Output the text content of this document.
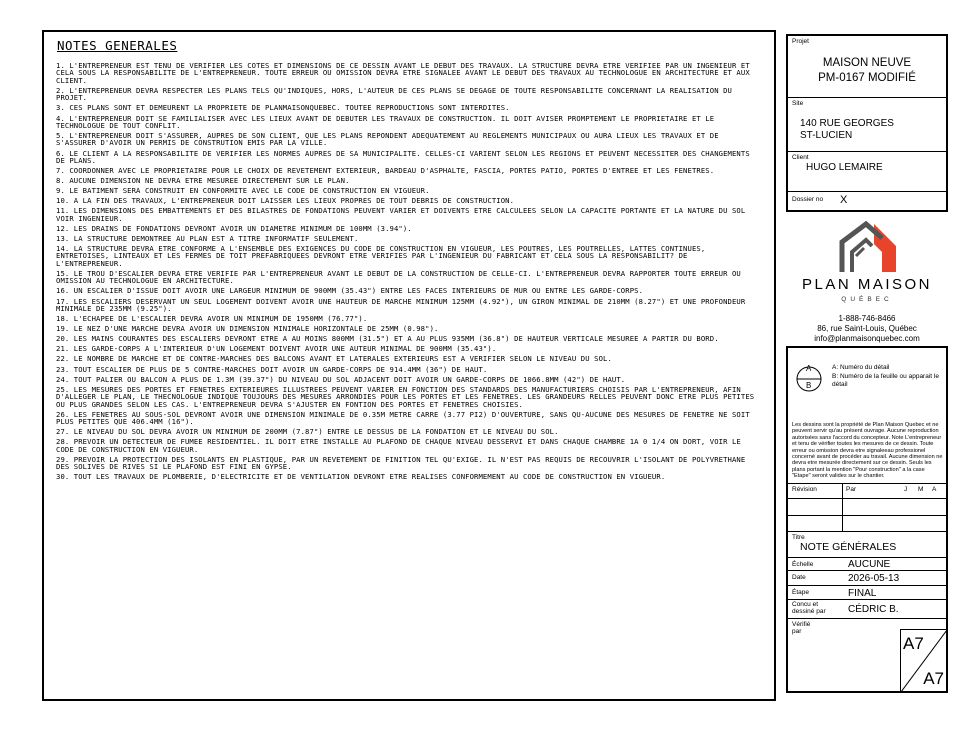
NOTES GENERALES
1. L'ENTREPRENEUR EST TENU DE VERIFIER LES COTES ET DIMENSIONS DE CE DESSIN AVANT LE DEBUT DES TRAVAUX. LA STRUCTURE DEVRA ETRE VERIFIEE PAR UN INGENIEUR ET CELA SOUS LA RESPONSABILITE DE L'ENTREPRENEUR. TOUTE ERREUR OU OMISSION DEVRA ETRE SIGNALEE AVANT LE DEBUT DES TRAVAUX AU TECHNOLOGUE EN ARCHITECTURE ET AUX CLIENT.
2. L'ENTREPRENEUR DEVRA RESPECTER LES PLANS TELS QU'INDIQUES, HORS, L'AUTEUR DE CES PLANS SE DEGAGE DE TOUTE RESPONSABILITE CONCERNANT LA REALISATION DU PROJET.
3. CES PLANS SONT ET DEMEURENT LA PROPRIETE DE PLANMAISONQUEBEC. TOUTEE REPRODUCTIONS SONT INTERDITES.
4. L'ENTREPRENEUR DOIT SE FAMILIALISER AVEC LES LIEUX AVANT DE DEBUTER LES TRAVAUX DE CONSTRUCTION. IL DOIT AVISER PROMPTEMENT LE PROPRIETAIRE ET LE TECHNOLOGUE DE TOUT CONFLIT.
5. L'ENTREPRENEUR DOIT S'ASSURER, AUPRES DE SON CLIENT, QUE LES PLANS REPONDENT ADEQUATEMENT AU REGLEMENTS MUNICIPAUX OU AURA LIEUX LES TRAVAUX ET DE S'ASSURER D'AVOIR UN PERMIS DE CONSTRUTION EMIS PAR LA VILLE.
6. LE CLIENT A LA RESPONSABILITE DE VERIFIER LES NORMES AUPRES DE SA MUNICIPALITE. CELLES-CI VARIENT SELON LES REGIONS ET PEUVENT NECESSITER DES CHANGEMENTS DE PLANS.
7. COORDONNER AVEC LE PROPRIETAIRE POUR LE CHOIX DE REVETEMENT EXTERIEUR, BARDEAU D'ASPHALTE, FASCIA, PORTES PATIO, PORTES D'ENTREE ET LES FENETRES.
8. AUCUNE DIMENSION NE DEVRA ETRE MESUREE DIRECTEMENT SUR LE PLAN.
9. LE BATIMENT SERA CONSTRUIT EN CONFORMITE AVEC LE CODE DE CONSTRUCTION EN VIGUEUR.
10. A LA FIN DES TRAVAUX, L'ENTREPRENEUR DOIT LAISSER LES LIEUX PROPRES DE TOUT DEBRIS DE CONSTRUCTION.
11. LES DIMENSIONS DES EMBATTEMENTS ET DES BILASTRES DE FONDATIONS PEUVENT VARIER ET DOIVENTS ETRE CALCULEES SELON LA CAPACITE PORTANTE ET LA NATURE DU SOL VOIR INGENIEUR.
12. LES DRAINS DE FONDATIONS DEVRONT AVOIR UN DIAMETRE MINIMUM DE 100MM (3.94").
13. LA STRUCTURE DEMONTREE AU PLAN EST A TITRE INFORMATIF SEULEMENT.
14. LA STRUCTURE DEVRA ETRE CONFORME A L'ENSEMBLE DES EXIGENCES DU CODE DE CONSTRUCTION EN VIGUEUR, LES POUTRES, LES POUTRELLES, LATTES CONTINUES, ENTRETOISES, LINTEAUX ET LES FERMES DE TOIT PREFABRIQUEES DEVRONT ETRE VERIFIES PAR L'INGENIEUR DU FABRICANT ET CELA SOUS LA RESPONSABILIT? DE L'ENTREPRENEUR.
15. LE TROU D'ESCALIER DEVRA ETRE VERIFIE PAR L'ENTREPRENEUR AVANT LE DEBUT DE LA CONSTRUCTION DE CELLE-CI. L'ENTREPRENEUR DEVRA RAPPORTER TOUTE ERREUR OU OMISSION AU TECHNOLOGUE EN ARCHITECTURE.
16. UN ESCALIER D'ISSUE DOIT AVOIR UNE LARGEUR MINIMUM DE 900MM (35.43") ENTRE LES FACES INTERIEURS DE MUR OU ENTRE LES GARDE-CORPS.
17. LES ESCALIERS DESERVANT UN SEUL LOGEMENT DOIVENT AVOIR UNE HAUTEUR DE MARCHE MINIMUM 125MM (4.92"), UN GIRON MINIMAL DE 210MM (8.27") ET UNE PROFONDEUR MINIMALE DE 235MM (9.25").
18. L'ECHAPEE DE L'ESCALIER DEVRA AVOIR UN MINIMUM DE 1950MM (76.77").
19. LE NEZ D'UNE MARCHE DEVRA AVOIR UN DIMENSION MINIMALE HORIZONTALE DE 25MM (0.98").
20. LES MAINS COURANTES DES ESCALIERS DEVRONT ETRE A AU MOINS 800MM (31.5") ET A AU PLUS 935MM (36.8") DE HAUTEUR VERTICALE MESUREE A PARTIR DU BORD.
21. LES GARDE-CORPS A L'INTERIEUR D'UN LOGEMENT DOIVENT AVOIR UNE AUTEUR MINIMAL DE 900MM (35.43").
22. LE NOMBRE DE MARCHE ET DE CONTRE-MARCHES DES BALCONS AVANT ET LATERALES EXTERIEURS EST A VERIFIER SELON LE NIVEAU DU SOL.
23. TOUT ESCALIER DE PLUS DE 5 CONTRE-MARCHES DOIT AVOIR UN GARDE-CORPS DE 914.4MM (36") DE HAUT.
24. TOUT PALIER OU BALCON A PLUS DE 1.3M (39.37") DU NIVEAU DU SOL ADJACENT DOIT AVOIR UN GARDE-CORPS DE 1066.8MM (42") DE HAUT.
25. LES MESURES DES PORTES ET FENETRES EXTERIEURES ILLUSTREES PEUVENT VARIER EN FONCTION DES STANDARDS DES MANUFACTURIERS CHOISIS PAR L'ENTREPRENEUR, AFIN D'ALLEGER LE PLAN, LE THECNOLOGUE INDIQUE TOUJOURS DES MESURES ARRONDIES POUR LES PORTES ET LES FENETRES. LES GRANDEURS RELLES PEUVENT DONC ETRE PLUS PETITES OU PLUS GRANDES SELON LES CAS. L'ENTREPRENEUR DEVRA S'AJUSTER EN FONTION DES PORTES ET FENETRES CHOISIES.
26. LES FENETRES AU SOUS-SOL DEVRONT AVOIR UNE DIMENSION MINIMALE DE 0.35M METRE CARRE (3.77 PI2) D'OUVERTURE, SANS QU-AUCUNE DES MESURES DE FENETRE NE SOIT PLUS PETITES QUE 406.4MM (16").
27. LE NIVEAU DU SOL DEVRA AVOIR UN MINIMUM DE 200MM (7.87") ENTRE LE DESSUS DE LA FONDATION ET LE NIVEAU DU SOL.
28. PREVOIR UN DETECTEUR DE FUMEE RESIDENTIEL. IL DOIT ETRE INSTALLE AU PLAFOND DE CHAQUE NIVEAU DESSERVI ET DANS CHAQUE CHAMBRE 1A 0 1/4 ON DORT, VOIR LE CODE DE CONSTRUCTION EN VIGUEUR.
29. PREVOIR LA PROTECTION DES ISOLANTS EN PLASTIQUE, PAR UN REVETEMENT DE FINITION TEL QU'EXIGE. IL N'EST PAS REQUIS DE RECOUVRIR L'ISOLANT DE POLYVRETHANE DES SOLIVES DE RIVES SI LE PLAFOND EST FINI EN GYPSE.
30. TOUT LES TRAVAUX DE PLOMBERIE, D'ELECTRICITE ET DE VENTILATION DEVRONT ETRE REALISES CONFORMEMENT AU CODE DE CONSTRUCTION EN VIGUEUR.
Projet
MAISON NEUVE
PM-0167 MODIFIÉ
Site
140 RUE GEORGES
ST-LUCIEN
Client
HUGO LEMAIRE
Dossier no X
PLAN MAISON
QUÉBEC
1-888-746-8466
86, rue Saint-Louis, Québec
info@planmaisonquebec.com
A
B
A: Numéro du détail
B: Numéro de la feuille ou apparait le détail
Les dessins sont la propriété de Plan Maison Quebec et ne peuvent servir qu'au présent ouvrage. Aucune reproduction autorisées sans l'accord du concepteur. Note L'entrepreneur et tenu de vérifier toutes les mesures de ce dessin. Toute erreur ou omission devra etre signaleeau professionel concerné avant de procéder au travail. Aucune dimension ne devra etre mesurée directement sur ce dessin. Seuls les plans portant la mention "Pour construction" a la case "Etape" seront valides sur le chantier.
Révision	Par	J M A
Titre
NOTE GÉNÉRALES
Échelle	AUCUNE
Date	2026-05-13
Étape	FINAL
Concu et dessiné par	CÉDRIC B.
Vérifié par
A7
A7
